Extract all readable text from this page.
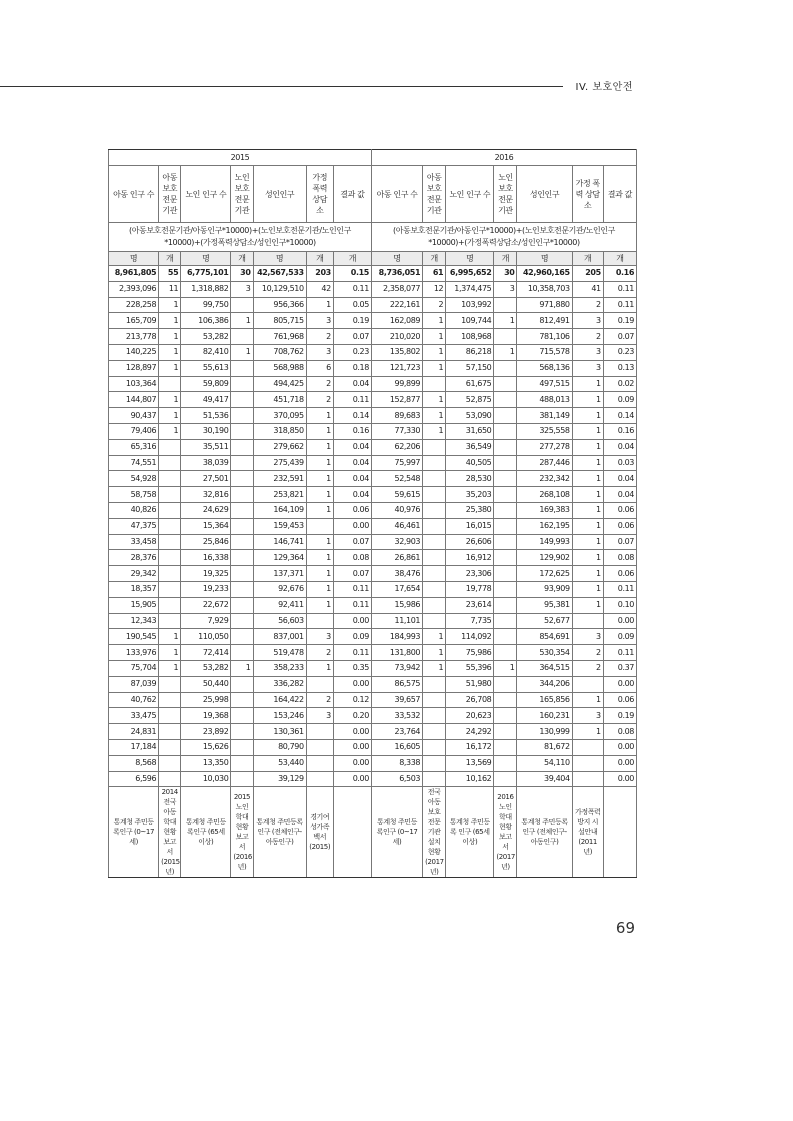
IV. 보호안전
2015							2016						
아동 인구 수	아동 보호 전문 기관	노인 인구 수	노인 보호 전문 기관	성인인구	가정 폭력 상담 소	결과 값	아동 인구 수	아동 보호 전문 기관	노인 인구 수	노인 보호 전문 기관	성인인구	가정 폭력 상담소	결과 값
(아동보호전문기관/아동인구*10000)+(노인보호전문기관/노인인구 *10000)+(가정폭력상담소/성인인구*10000)							(아동보호전문기관/아동인구*10000)+(노인보호전문기관/노인인구 *10000)+(가정폭력상담소/성인인구*10000)						
명	개	명	개	명	개	개	명	개	명	개	명	개	개
8,961,805	55	6,775,101	30	42,567,533	203	0.15	8,736,051	61	6,995,652	30	42,960,165	205	0.16
2,393,096	11	1,318,882	3	10,129,510	42	0.11	2,358,077	12	1,374,475	3	10,358,703	41	0.11
228,258	1	99,750		956,366	1	0.05	222,161	2	103,992		971,880	2	0.11
165,709	1	106,386	1	805,715	3	0.19	162,089	1	109,744	1	812,491	3	0.19
213,778	1	53,282		761,968	2	0.07	210,020	1	108,968		781,106	2	0.07
140,225	1	82,410	1	708,762	3	0.23	135,802	1	86,218	1	715,578	3	0.23
128,897	1	55,613		568,988	6	0.18	121,723	1	57,150		568,136	3	0.13
103,364		59,809		494,425	2	0.04	99,899		61,675		497,515	1	0.02
144,807	1	49,417		451,718	2	0.11	152,877	1	52,875		488,013	1	0.09
90,437	1	51,536		370,095	1	0.14	89,683	1	53,090		381,149	1	0.14
79,406	1	30,190		318,850	1	0.16	77,330	1	31,650		325,558	1	0.16
65,316		35,511		279,662	1	0.04	62,206		36,549		277,278	1	0.04
74,551		38,039		275,439	1	0.04	75,997		40,505		287,446	1	0.03
54,928		27,501		232,591	1	0.04	52,548		28,530		232,342	1	0.04
58,758		32,816		253,821	1	0.04	59,615		35,203		268,108	1	0.04
40,826		24,629		164,109	1	0.06	40,976		25,380		169,383	1	0.06
47,375		15,364		159,453		0.00	46,461		16,015		162,195	1	0.06
33,458		25,846		146,741	1	0.07	32,903		26,606		149,993	1	0.07
28,376		16,338		129,364	1	0.08	26,861		16,912		129,902	1	0.08
29,342		19,325		137,371	1	0.07	38,476		23,306		172,625	1	0.06
18,357		19,233		92,676	1	0.11	17,654		19,778		93,909	1	0.11
15,905		22,672		92,411	1	0.11	15,986		23,614		95,381	1	0.10
12,343		7,929		56,603		0.00	11,101		7,735		52,677		0.00
190,545	1	110,050		837,001	3	0.09	184,993	1	114,092		854,691	3	0.09
133,976	1	72,414		519,478	2	0.11	131,800	1	75,986		530,354	2	0.11
75,704	1	53,282	1	358,233	1	0.35	73,942	1	55,396	1	364,515	2	0.37
87,039		50,440		336,282		0.00	86,575		51,980		344,206		0.00
40,762		25,998		164,422	2	0.12	39,657		26,708		165,856	1	0.06
33,475		19,368		153,246	3	0.20	33,532		20,623		160,231	3	0.19
24,831		23,892		130,361		0.00	23,764		24,292		130,999	1	0.08
17,184		15,626		80,790		0.00	16,605		16,172		81,672		0.00
8,568		13,350		53,440		0.00	8,338		13,569		54,110		0.00
6,596		10,030		39,129		0.00	6,503		10,162		39,404		0.00
통계청 주민등록인구 (0~17세)	2014 전국 아동학대 현황 보고서 (2015년)	통계청 주민등록인구 (65세 이상)	2015 노인학대 현황 보고서 (2016년)	통계청 주민등록인구 (전체인구-아동인구)	경기여성가족 백서 (2015)		통계청 주민등록인구 (0~17세)	전국아동 보호전문 기관설치 현황 (2017년)	통계청 주민등록 인구 (65세 이상)	2016 노인학대 현황 보고서 (2017년)	통계청 주민등록인구 (전체인구-아동인구)	가정폭력 방지 시설안내 (2011년)	
69
